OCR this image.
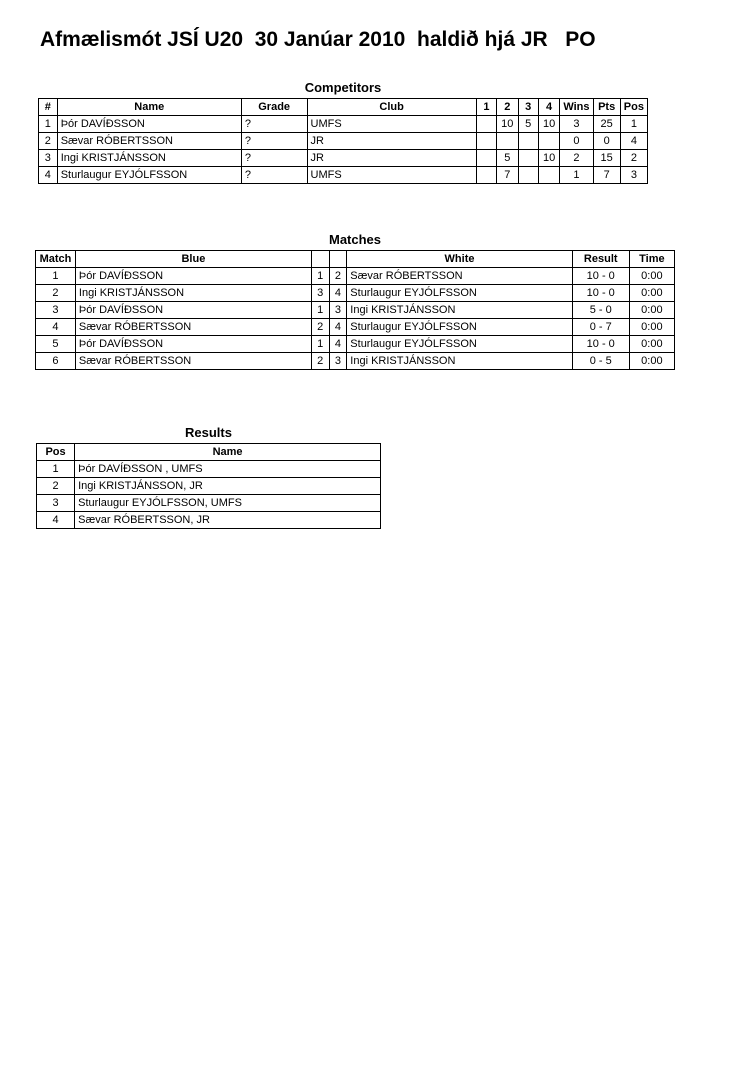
Afmælismót JSÍ U20  30 Janúar 2010  haldið hjá JR   PO
Competitors
#	Name	Grade	Club	1	2	3	4	Wins	Pts	Pos
1	Þór DAVÍÐSSON	?	UMFS		10	5	10	3	25	1
2	Sævar RÓBERTSSON	?	JR					0	0	4
3	Ingi KRISTJÁNSSON	?	JR		5		10	2	15	2
4	Sturlaugur EYJÓLFSSON	?	UMFS		7			1	7	3
Matches
Match	Blue			White	Result	Time
1	Þór DAVÍÐSSON	1	2	Sævar RÓBERTSSON	10 - 0	0:00
2	Ingi KRISTJÁNSSON	3	4	Sturlaugur EYJÓLFSSON	10 - 0	0:00
3	Þór DAVÍÐSSON	1	3	Ingi KRISTJÁNSSON	5 - 0	0:00
4	Sævar RÓBERTSSON	2	4	Sturlaugur EYJÓLFSSON	0 - 7	0:00
5	Þór DAVÍÐSSON	1	4	Sturlaugur EYJÓLFSSON	10 - 0	0:00
6	Sævar RÓBERTSSON	2	3	Ingi KRISTJÁNSSON	0 - 5	0:00
Results
Pos	Name
1	Þór DAVÍÐSSON , UMFS
2	Ingi KRISTJÁNSSON, JR
3	Sturlaugur EYJÓLFSSON, UMFS
4	Sævar RÓBERTSSON, JR
